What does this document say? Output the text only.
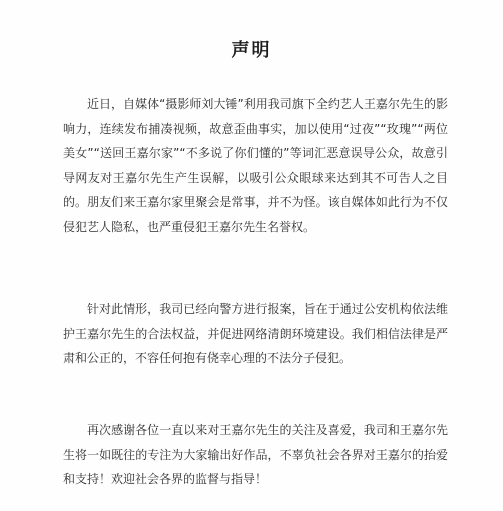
声明

近日，自媒体“摄影师刘大锤”利用我司旗下全约艺人王嘉尔先生的影响力，连续发布捕凑视频，故意歪曲事实，加以使用“过夜”“玫瑰”“两位美女”“送回王嘉尔家”“不多说了你们懂的”等词汇恶意误导公众，故意引导网友对王嘉尔先生产生误解，以吸引公众眼球来达到其不可告人之目的。朋友们来王嘉尔家里聚会是常事，并不为怪。该自媒体如此行为不仅侵犯艺人隐私，也严重侵犯王嘉尔先生名誉权。

针对此情形，我司已经向警方进行报案，旨在于通过公安机构依法维护王嘉尔先生的合法权益，并促进网络清朗环境建设。我们相信法律是严肃和公正的，不容任何抱有侥幸心理的不法分子侵犯。

再次感谢各位一直以来对王嘉尔先生的关注及喜爱，我司和王嘉尔先生将一如既往的专注为大家输出好作品，不辜负社会各界对王嘉尔的抬爱和支持！欢迎社会各界的监督与指导！
